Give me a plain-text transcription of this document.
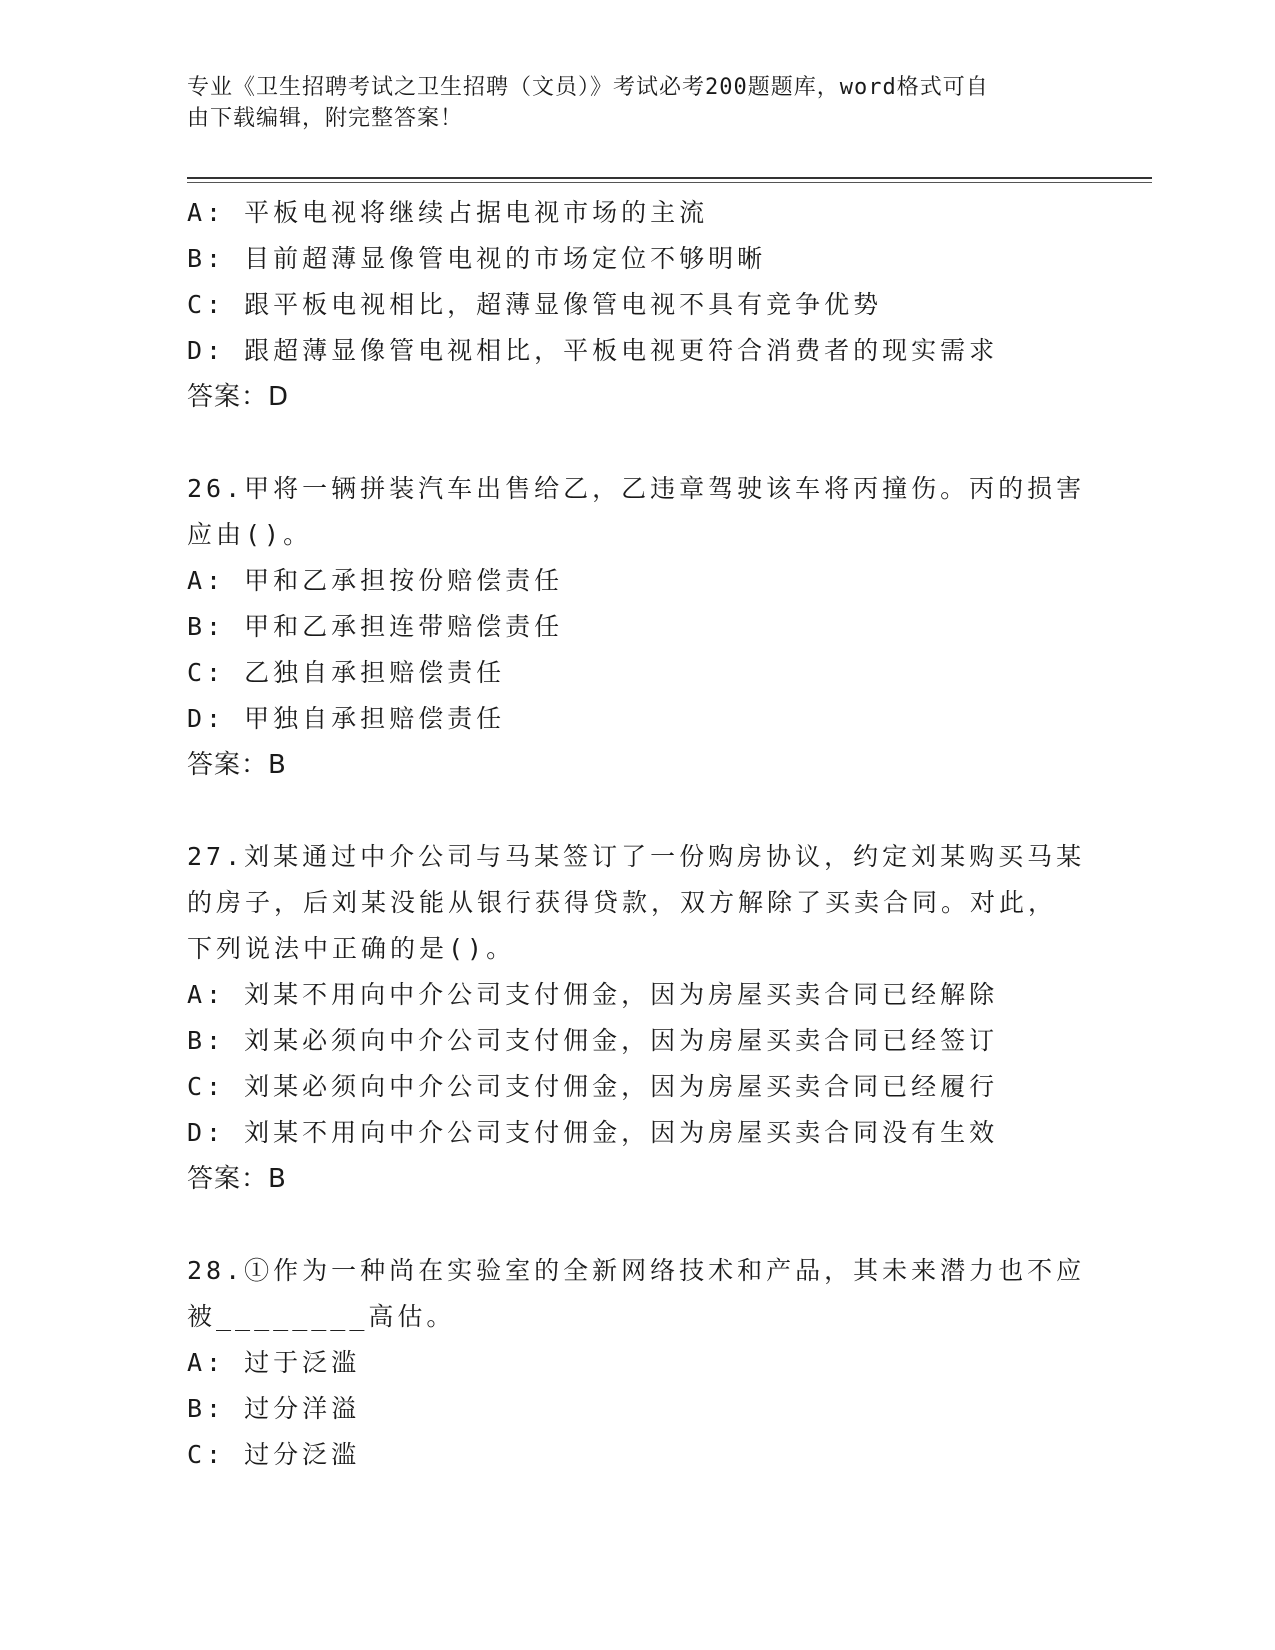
专业《卫生招聘考试之卫生招聘（文员）》考试必考200题题库，word格式可自
由下载编辑，附完整答案！
A: 平板电视将继续占据电视市场的主流
B: 目前超薄显像管电视的市场定位不够明晰
C: 跟平板电视相比，超薄显像管电视不具有竞争优势
D: 跟超薄显像管电视相比，平板电视更符合消费者的现实需求
答案：D
26.甲将一辆拼装汽车出售给乙，乙违章驾驶该车将丙撞伤。丙的损害
应由()。
A: 甲和乙承担按份赔偿责任
B: 甲和乙承担连带赔偿责任
C: 乙独自承担赔偿责任
D: 甲独自承担赔偿责任
答案：B
27.刘某通过中介公司与马某签订了一份购房协议，约定刘某购买马某
的房子，后刘某没能从银行获得贷款，双方解除了买卖合同。对此，
下列说法中正确的是()。
A: 刘某不用向中介公司支付佣金，因为房屋买卖合同已经解除
B: 刘某必须向中介公司支付佣金，因为房屋买卖合同已经签订
C: 刘某必须向中介公司支付佣金，因为房屋买卖合同已经履行
D: 刘某不用向中介公司支付佣金，因为房屋买卖合同没有生效
答案：B
28.①作为一种尚在实验室的全新网络技术和产品，其未来潜力也不应
被________高估。
A: 过于泛滥
B: 过分洋溢
C: 过分泛滥
